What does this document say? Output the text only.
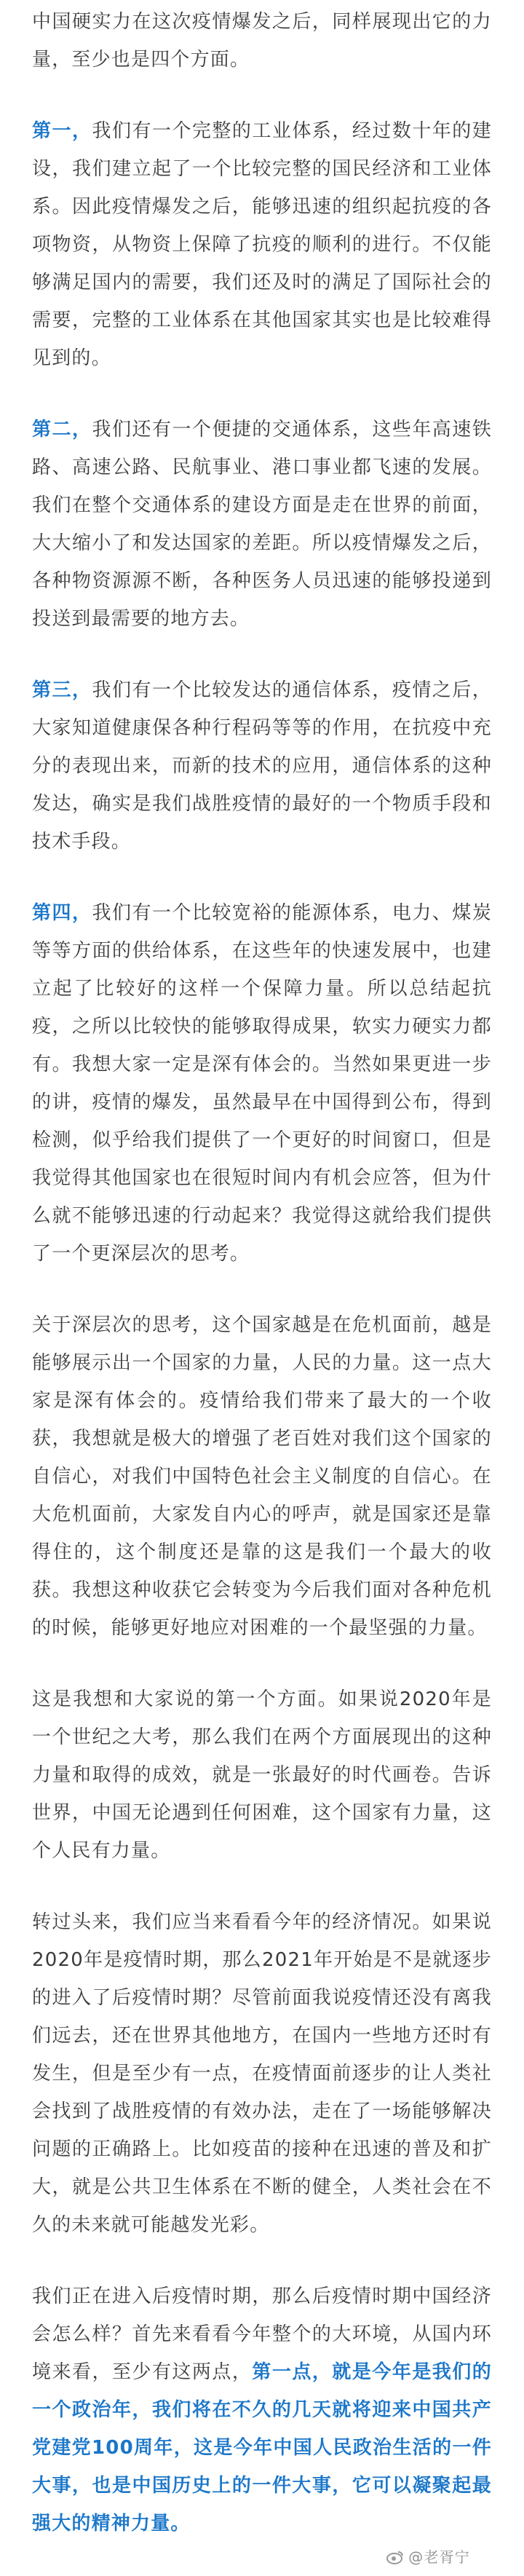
中国硬实力在这次疫情爆发之后，同样展现出它的力量，至少也是四个方面。

第一，我们有一个完整的工业体系，经过数十年的建设，我们建立起了一个比较完整的国民经济和工业体系。因此疫情爆发之后，能够迅速的组织起抗疫的各项物资，从物资上保障了抗疫的顺利的进行。不仅能够满足国内的需要，我们还及时的满足了国际社会的需要，完整的工业体系在其他国家其实也是比较难得见到的。

第二，我们还有一个便捷的交通体系，这些年高速铁路、高速公路、民航事业、港口事业都飞速的发展。我们在整个交通体系的建设方面是走在世界的前面，大大缩小了和发达国家的差距。所以疫情爆发之后，各种物资源源不断，各种医务人员迅速的能够投递到投送到最需要的地方去。

第三，我们有一个比较发达的通信体系，疫情之后，大家知道健康保各种行程码等等的作用，在抗疫中充分的表现出来，而新的技术的应用，通信体系的这种发达，确实是我们战胜疫情的最好的一个物质手段和技术手段。

第四，我们有一个比较宽裕的能源体系，电力、煤炭等等方面的供给体系，在这些年的快速发展中，也建立起了比较好的这样一个保障力量。所以总结起抗疫，之所以比较快的能够取得成果，软实力硬实力都有。我想大家一定是深有体会的。当然如果更进一步的讲，疫情的爆发，虽然最早在中国得到公布，得到检测，似乎给我们提供了一个更好的时间窗口，但是我觉得其他国家也在很短时间内有机会应答，但为什么就不能够迅速的行动起来？我觉得这就给我们提供了一个更深层次的思考。

关于深层次的思考，这个国家越是在危机面前，越是能够展示出一个国家的力量，人民的力量。这一点大家是深有体会的。疫情给我们带来了最大的一个收获，我想就是极大的增强了老百姓对我们这个国家的自信心，对我们中国特色社会主义制度的自信心。在大危机面前，大家发自内心的呼声，就是国家还是靠得住的，这个制度还是靠的这是我们一个最大的收获。我想这种收获它会转变为今后我们面对各种危机的时候，能够更好地应对困难的一个最坚强的力量。

这是我想和大家说的第一个方面。如果说2020年是一个世纪之大考，那么我们在两个方面展现出的这种力量和取得的成效，就是一张最好的时代画卷。告诉世界，中国无论遇到任何困难，这个国家有力量，这个人民有力量。

转过头来，我们应当来看看今年的经济情况。如果说2020年是疫情时期，那么2021年开始是不是就逐步的进入了后疫情时期？尽管前面我说疫情还没有离我们远去，还在世界其他地方，在国内一些地方还时有发生，但是至少有一点，在疫情面前逐步的让人类社会找到了战胜疫情的有效办法，走在了一场能够解决问题的正确路上。比如疫苗的接种在迅速的普及和扩大，就是公共卫生体系在不断的健全，人类社会在不久的未来就可能越发光彩。

我们正在进入后疫情时期，那么后疫情时期中国经济会怎么样？首先来看看今年整个的大环境，从国内环境来看，至少有这两点，第一点，就是今年是我们的一个政治年，我们将在不久的几天就将迎来中国共产党建党100周年，这是今年中国人民政治生活的一件大事，也是中国历史上的一件大事，它可以凝聚起最强大的精神力量。

@老胥宁
